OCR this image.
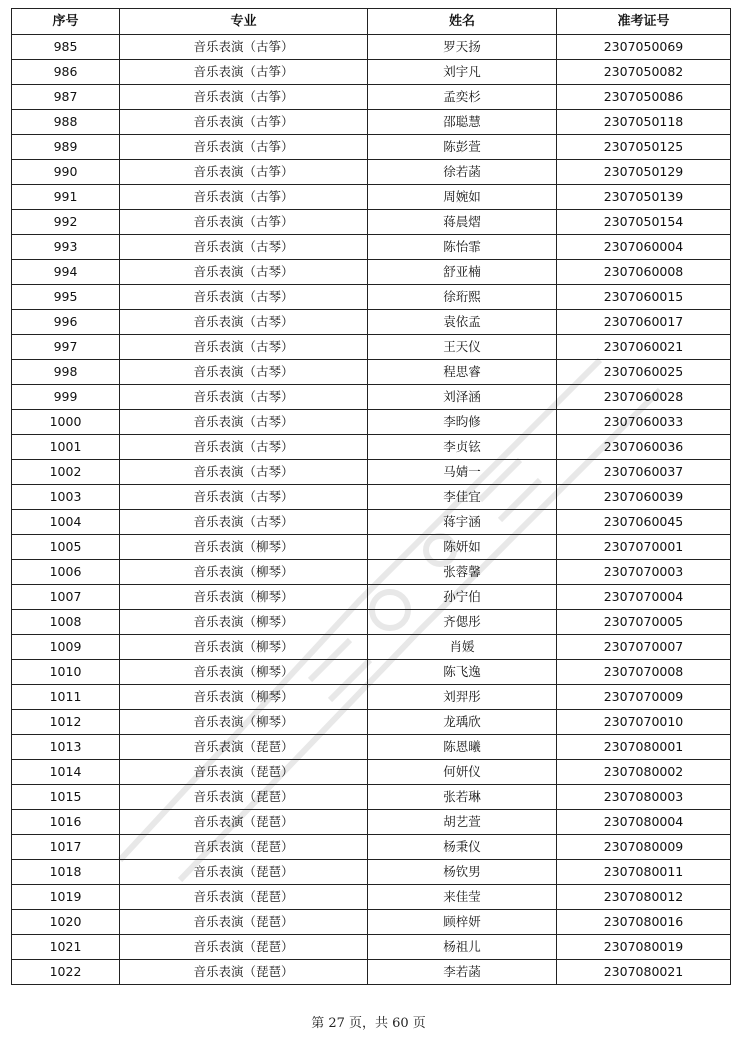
序号	专业	姓名	准考证号
985	音乐表演（古筝）	罗天扬	2307050069
986	音乐表演（古筝）	刘宇凡	2307050082
987	音乐表演（古筝）	孟奕杉	2307050086
988	音乐表演（古筝）	邵聪慧	2307050118
989	音乐表演（古筝）	陈彭萱	2307050125
990	音乐表演（古筝）	徐若菡	2307050129
991	音乐表演（古筝）	周婉如	2307050139
992	音乐表演（古筝）	蒋晨熠	2307050154
993	音乐表演（古琴）	陈怡霏	2307060004
994	音乐表演（古琴）	舒亚楠	2307060008
995	音乐表演（古琴）	徐珩熙	2307060015
996	音乐表演（古琴）	袁依孟	2307060017
997	音乐表演（古琴）	王天仪	2307060021
998	音乐表演（古琴）	程思睿	2307060025
999	音乐表演（古琴）	刘泽涵	2307060028
1000	音乐表演（古琴）	李昀修	2307060033
1001	音乐表演（古琴）	李贞铉	2307060036
1002	音乐表演（古琴）	马婧一	2307060037
1003	音乐表演（古琴）	李佳宜	2307060039
1004	音乐表演（古琴）	蒋宇涵	2307060045
1005	音乐表演（柳琴）	陈妍如	2307070001
1006	音乐表演（柳琴）	张蓉馨	2307070003
1007	音乐表演（柳琴）	孙宁伯	2307070004
1008	音乐表演（柳琴）	齐偲彤	2307070005
1009	音乐表演（柳琴）	肖媛	2307070007
1010	音乐表演（柳琴）	陈飞逸	2307070008
1011	音乐表演（柳琴）	刘羿彤	2307070009
1012	音乐表演（柳琴）	龙瑀欣	2307070010
1013	音乐表演（琵琶）	陈恩曦	2307080001
1014	音乐表演（琵琶）	何妍仪	2307080002
1015	音乐表演（琵琶）	张若琳	2307080003
1016	音乐表演（琵琶）	胡艺萱	2307080004
1017	音乐表演（琵琶）	杨秉仪	2307080009
1018	音乐表演（琵琶）	杨钦男	2307080011
1019	音乐表演（琵琶）	来佳莹	2307080012
1020	音乐表演（琵琶）	顾梓妍	2307080016
1021	音乐表演（琵琶）	杨祖儿	2307080019
1022	音乐表演（琵琶）	李若菡	2307080021
第 27 页，共 60 页
